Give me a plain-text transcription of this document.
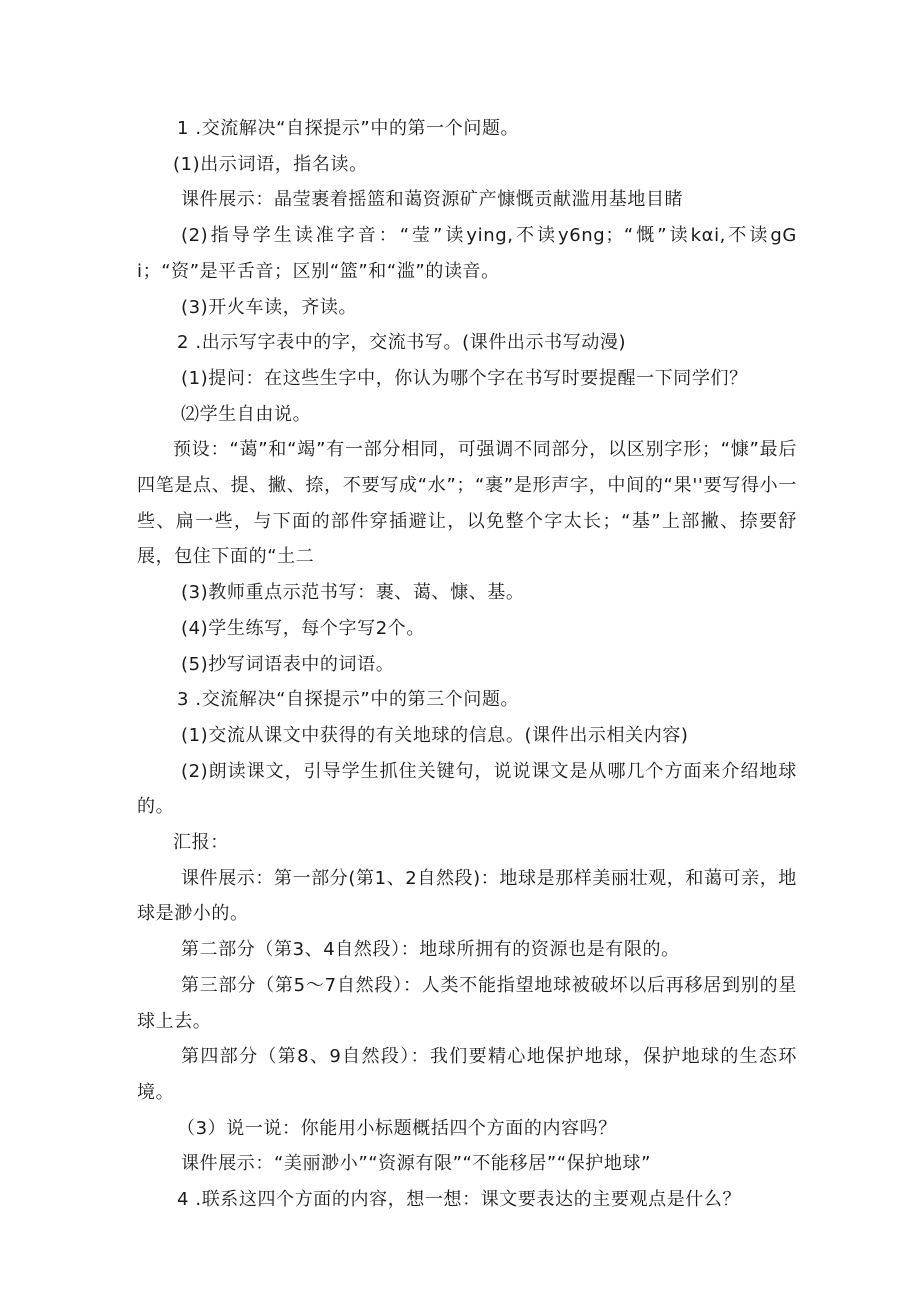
1 .交流解决“自探提示”中的第一个问题。

(1)出示词语，指名读。

课件展示：晶莹裹着摇篮和蔼资源矿产慷慨贡献滥用基地目睹

(2)指导学生读准字音：“莹”读ying,不读y6ng；“慨”读kαi,不读gGi；“资”是平舌音；区别“篮”和“滥”的读音。

(3)开火车读，齐读。

2 .出示写字表中的字，交流书写。(课件出示书写动漫)

(1)提问：在这些生字中，你认为哪个字在书写时要提醒一下同学们？

⑵学生自由说。

预设：“蔼”和“竭”有一部分相同，可强调不同部分，以区别字形；“慷”最后四笔是点、提、撇、捺，不要写成“水”；“裹”是形声字，中间的“果''要写得小一些、扁一些，与下面的部件穿插避让，以免整个字太长；“基”上部撇、捺要舒展，包住下面的“土二

(3)教师重点示范书写：裹、蔼、慷、基。

(4)学生练写，每个字写2个。

(5)抄写词语表中的词语。

3 .交流解决“自探提示”中的第三个问题。

(1)交流从课文中获得的有关地球的信息。(课件出示相关内容)

(2)朗读课文，引导学生抓住关键句，说说课文是从哪几个方面来介绍地球的。

汇报：

课件展示：第一部分(第1、2自然段)：地球是那样美丽壮观，和蔼可亲，地球是渺小的。

第二部分（第3、4自然段）：地球所拥有的资源也是有限的。

第三部分（第5〜7自然段）：人类不能指望地球被破坏以后再移居到别的星球上去。

第四部分（第8、9自然段）：我们要精心地保护地球，保护地球的生态环境。

（3）说一说：你能用小标题概括四个方面的内容吗？

课件展示：“美丽渺小”“资源有限”“不能移居”“保护地球”

4 .联系这四个方面的内容，想一想：课文要表达的主要观点是什么？
